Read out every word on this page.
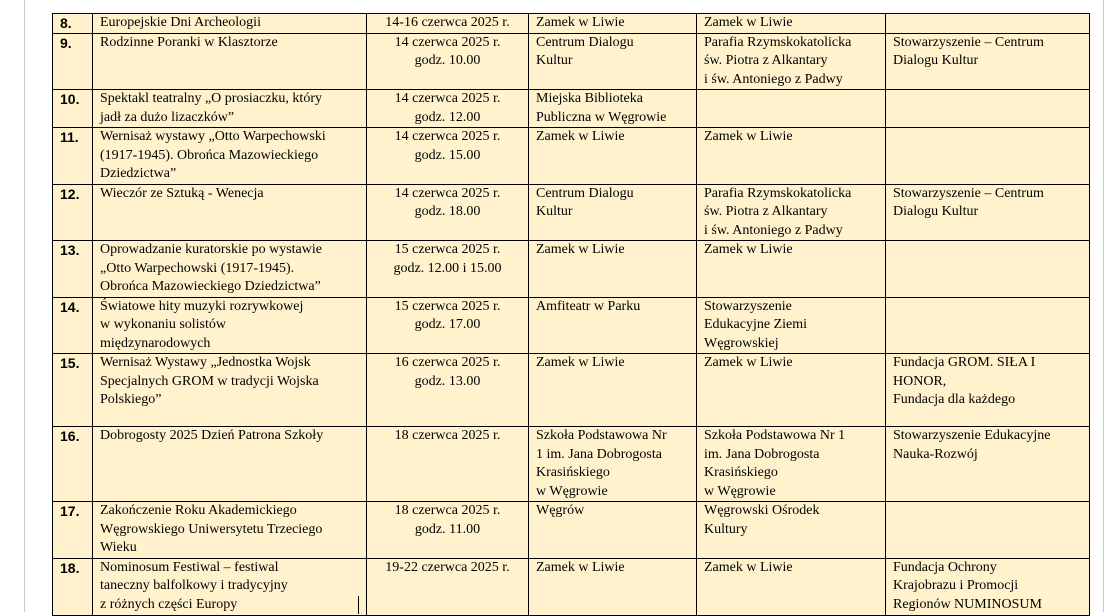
8.	Europejskie Dni Archeologii	14-16 czerwca 2025 r.	Zamek w Liwie	Zamek w Liwie	

9.	Rodzinne Poranki w Klasztorze	14 czerwca 2025 r.
godz. 10.00	Centrum Dialogu
Kultur	Parafia Rzymskokatolicka
św. Piotra z Alkantary
i św. Antoniego z Padwy	Stowarzyszenie – Centrum
Dialogu Kultur

10.	Spektakl teatralny „O prosiaczku, który
jadł za dużo lizaczków”	14 czerwca 2025 r.
godz. 12.00	Miejska Biblioteka
Publiczna w Węgrowie		

11.	Wernisaż wystawy „Otto Warpechowski
(1917-1945). Obrońca Mazowieckiego
Dziedzictwa”	14 czerwca 2025 r.
godz. 15.00	Zamek w Liwie	Zamek w Liwie	

12.	Wieczór ze Sztuką - Wenecja	14 czerwca 2025 r.
godz. 18.00	Centrum Dialogu
Kultur	Parafia Rzymskokatolicka
św. Piotra z Alkantary
i św. Antoniego z Padwy	Stowarzyszenie – Centrum
Dialogu Kultur

13.	Oprowadzanie kuratorskie po wystawie
„Otto Warpechowski (1917-1945).
Obrońca Mazowieckiego Dziedzictwa”	15 czerwca 2025 r.
godz. 12.00 i 15.00	Zamek w Liwie	Zamek w Liwie	

14.	Światowe hity muzyki rozrywkowej
w wykonaniu solistów
międzynarodowych	15 czerwca 2025 r.
godz. 17.00	Amfiteatr w Parku	Stowarzyszenie
Edukacyjne Ziemi
Węgrowskiej	

15.	Wernisaż Wystawy „Jednostka Wojsk
Specjalnych GROM w tradycji Wojska
Polskiego”	16 czerwca 2025 r.
godz. 13.00	Zamek w Liwie	Zamek w Liwie	Fundacja GROM. SIŁA I
HONOR,
Fundacja dla każdego

16.	Dobrogosty 2025 Dzień Patrona Szkoły	18 czerwca 2025 r.	Szkoła Podstawowa Nr
1 im. Jana Dobrogosta
Krasińskiego
w Węgrowie	Szkoła Podstawowa Nr 1
im. Jana Dobrogosta
Krasińskiego
w Węgrowie	Stowarzyszenie Edukacyjne
Nauka-Rozwój

17.	Zakończenie Roku Akademickiego
Węgrowskiego Uniwersytetu Trzeciego
Wieku	18 czerwca 2025 r.
godz. 11.00	Węgrów	Węgrowski Ośrodek
Kultury	

18.	Nominosum Festiwal – festiwal
taneczny balfolkowy i tradycyjny
z różnych części Europy	19-22 czerwca 2025 r.	Zamek w Liwie	Zamek w Liwie	Fundacja Ochrony
Krajobrazu i Promocji
Regionów NUMINOSUM
